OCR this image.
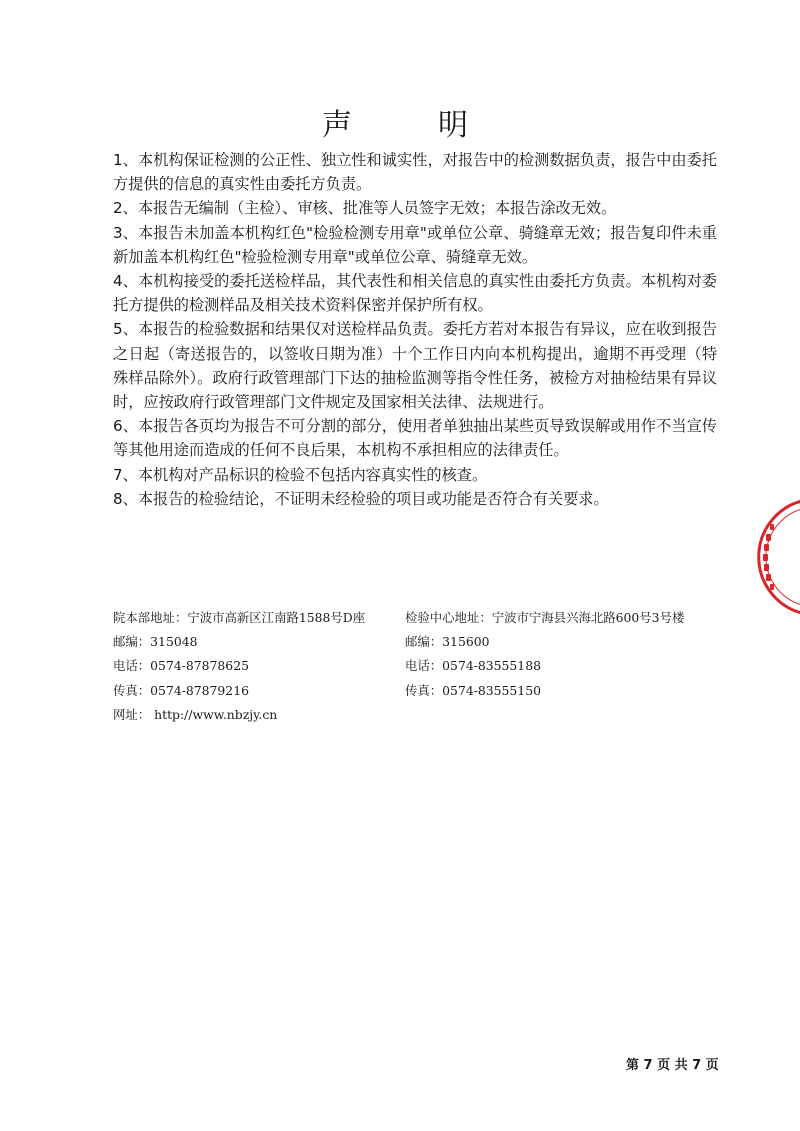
声　明

1、本机构保证检测的公正性、独立性和诚实性，对报告中的检测数据负责，报告中由委托方提供的信息的真实性由委托方负责。

2、本报告无编制（主检）、审核、批准等人员签字无效；本报告涂改无效。

3、本报告未加盖本机构红色"检验检测专用章"或单位公章、骑缝章无效；报告复印件未重新加盖本机构红色"检验检测专用章"或单位公章、骑缝章无效。

4、本机构接受的委托送检样品，其代表性和相关信息的真实性由委托方负责。本机构对委托方提供的检测样品及相关技术资料保密并保护所有权。

5、本报告的检验数据和结果仅对送检样品负责。委托方若对本报告有异议，应在收到报告之日起（寄送报告的，以签收日期为准）十个工作日内向本机构提出，逾期不再受理（特殊样品除外）。政府行政管理部门下达的抽检监测等指令性任务，被检方对抽检结果有异议时，应按政府行政管理部门文件规定及国家相关法律、法规进行。

6、本报告各页均为报告不可分割的部分，使用者单独抽出某些页导致误解或用作不当宣传等其他用途而造成的任何不良后果，本机构不承担相应的法律责任。

7、本机构对产品标识的检验不包括内容真实性的核查。

8、本报告的检验结论，不证明未经检验的项目或功能是否符合有关要求。

院本部地址：宁波市高新区江南路1588号D座	检验中心地址：宁波市宁海县兴海北路600号3号楼
邮编：315048	邮编：315600
电话：0574-87878625	电话：0574-83555188
传真：0574-87879216	传真：0574-83555150
网址： http://www.nbzjy.cn
第 7 页 共 7 页
